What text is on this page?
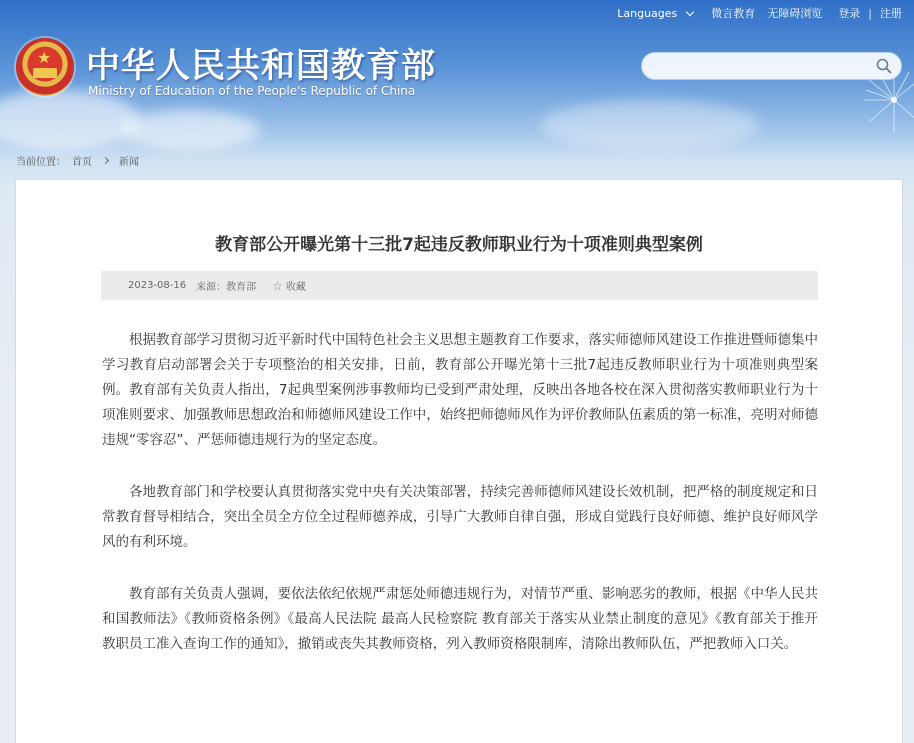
Languages	微言教育 无障碍浏览 登录 | 注册
★ 中华人民共和国教育部
Ministry of Education of the People's Republic of China
当前位置： 首页	新闻
教育部公开曝光第十三批7起违反教师职业行为十项准则典型案例
2023-08-16 来源：教育部 ☆ 收藏

根据教育部学习贯彻习近平新时代中国特色社会主义思想主题教育工作要求，落实师德师风建设工作推进暨师德集中学习教育启动部署会关于专项整治的相关安排，日前，教育部公开曝光第十三批7起违反教师职业行为十项准则典型案例。教育部有关负责人指出，7起典型案例涉事教师均已受到严肃处理，反映出各地各校在深入贯彻落实教师职业行为十项准则要求、加强教师思想政治和师德师风建设工作中，始终把师德师风作为评价教师队伍素质的第一标准，亮明对师德违规“零容忍”、严惩师德违规行为的坚定态度。

各地教育部门和学校要认真贯彻落实党中央有关决策部署，持续完善师德师风建设长效机制，把严格的制度规定和日常教育督导相结合，突出全员全方位全过程师德养成，引导广大教师自律自强，形成自觉践行良好师德、维护良好师风学风的有利环境。

教育部有关负责人强调，要依法依纪依规严肃惩处师德违规行为，对情节严重、影响恶劣的教师，根据《中华人民共和国教师法》《教师资格条例》《最高人民法院 最高人民检察院 教育部关于落实从业禁止制度的意见》《教育部关于推开教职员工准入查询工作的通知》，撤销或丧失其教师资格，列入教师资格限制库，清除出教师队伍，严把教师入口关。
